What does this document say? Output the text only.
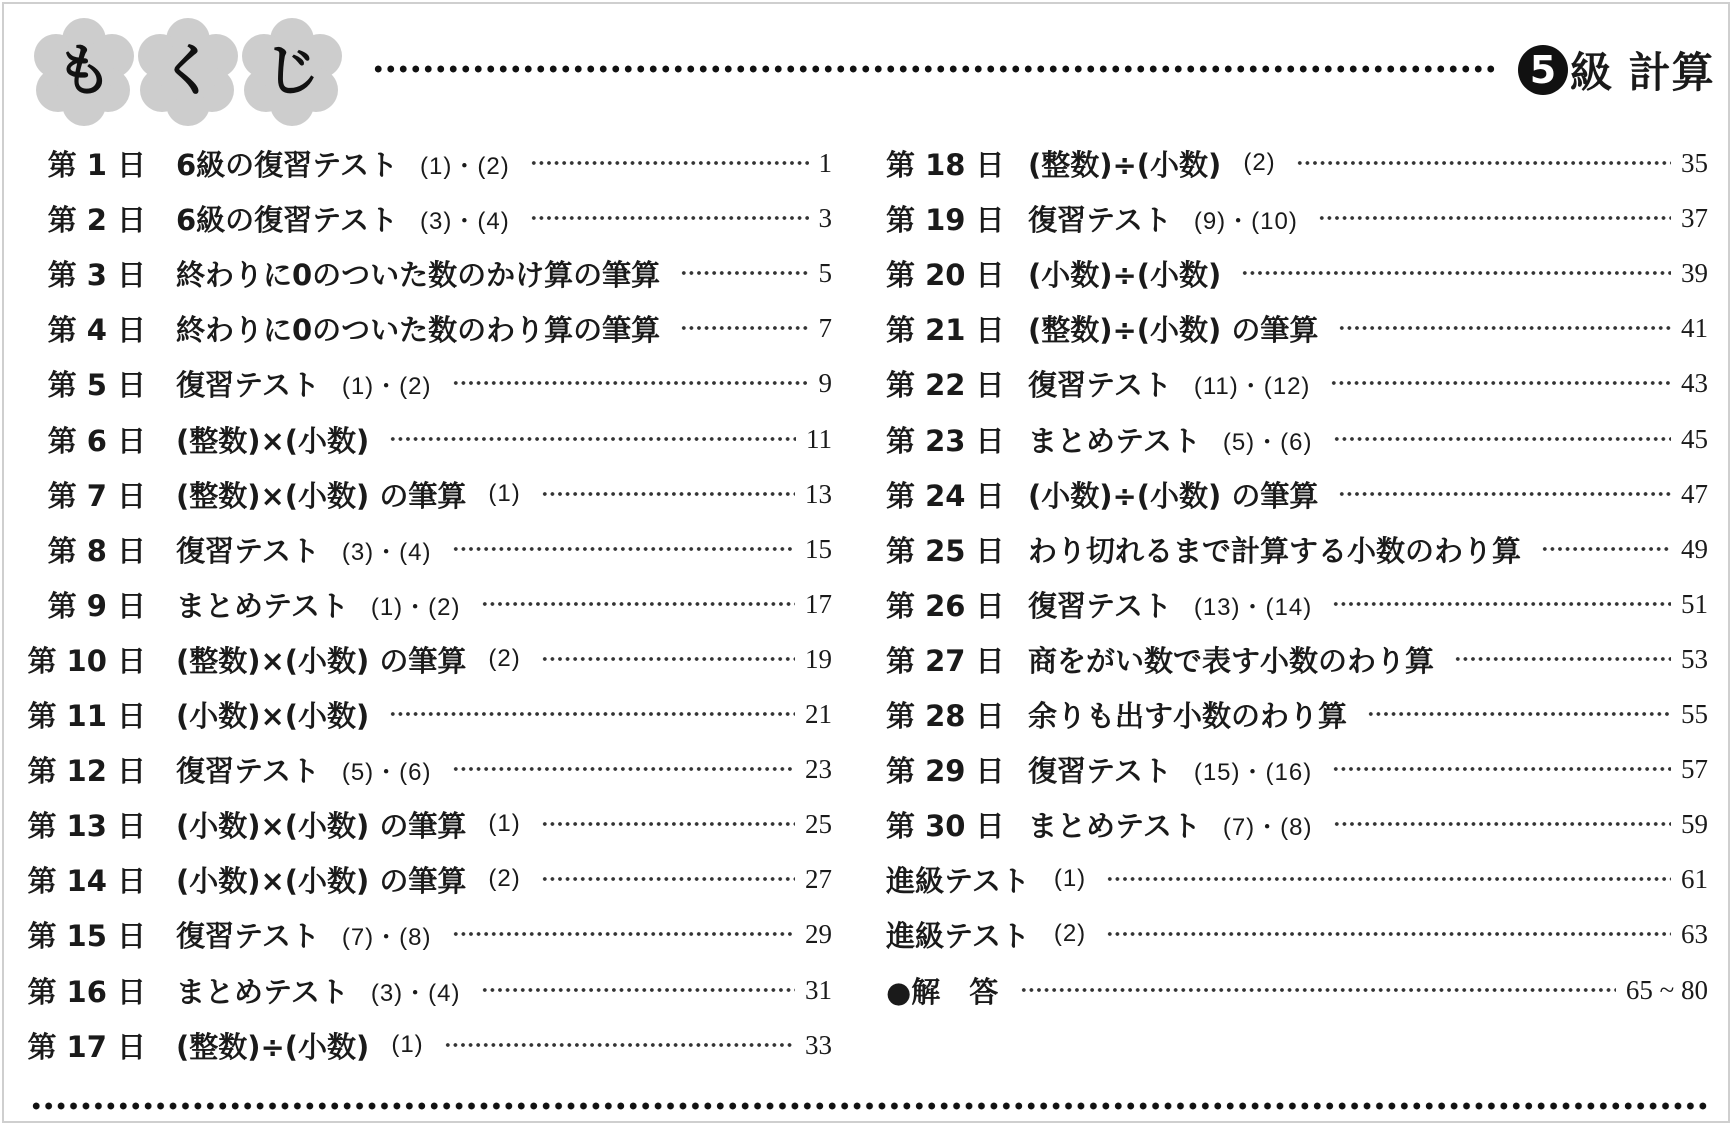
も く じ	5 級 計算
第 1 日 6級の復習テスト (1)・(2)	1
第 2 日 6級の復習テスト (3)・(4)	3
第 3 日 終わりに0のついた数のかけ算の筆算	5
第 4 日 終わりに0のついた数のわり算の筆算	7
第 5 日 復習テスト (1)・(2)	9
第 6 日 (整数)×(小数)	11
第 7 日 (整数)×(小数) の筆算 (1)	13
第 8 日 復習テスト (3)・(4)	15
第 9 日 まとめテスト (1)・(2)	17
第 10 日 (整数)×(小数) の筆算 (2)	19
第 11 日 (小数)×(小数)	21
第 12 日 復習テスト (5)・(6)	23
第 13 日 (小数)×(小数) の筆算 (1)	25
第 14 日 (小数)×(小数) の筆算 (2)	27
第 15 日 復習テスト (7)・(8)	29
第 16 日 まとめテスト (3)・(4)	31
第 17 日 (整数)÷(小数) (1)	33
第 18 日 (整数)÷(小数) (2)	35
第 19 日 復習テスト (9)・(10)	37
第 20 日 (小数)÷(小数)	39
第 21 日 (整数)÷(小数) の筆算	41
第 22 日 復習テスト (11)・(12)	43
第 23 日 まとめテスト (5)・(6)	45
第 24 日 (小数)÷(小数) の筆算	47
第 25 日 わり切れるまで計算する小数のわり算	49
第 26 日 復習テスト (13)・(14)	51
第 27 日 商をがい数で表す小数のわり算	53
第 28 日 余りも出す小数のわり算	55
第 29 日 復習テスト (15)・(16)	57
第 30 日 まとめテスト (7)・(8)	59
進級テスト (1)	61
進級テスト (2)	63
●解　答	65 ~ 80
